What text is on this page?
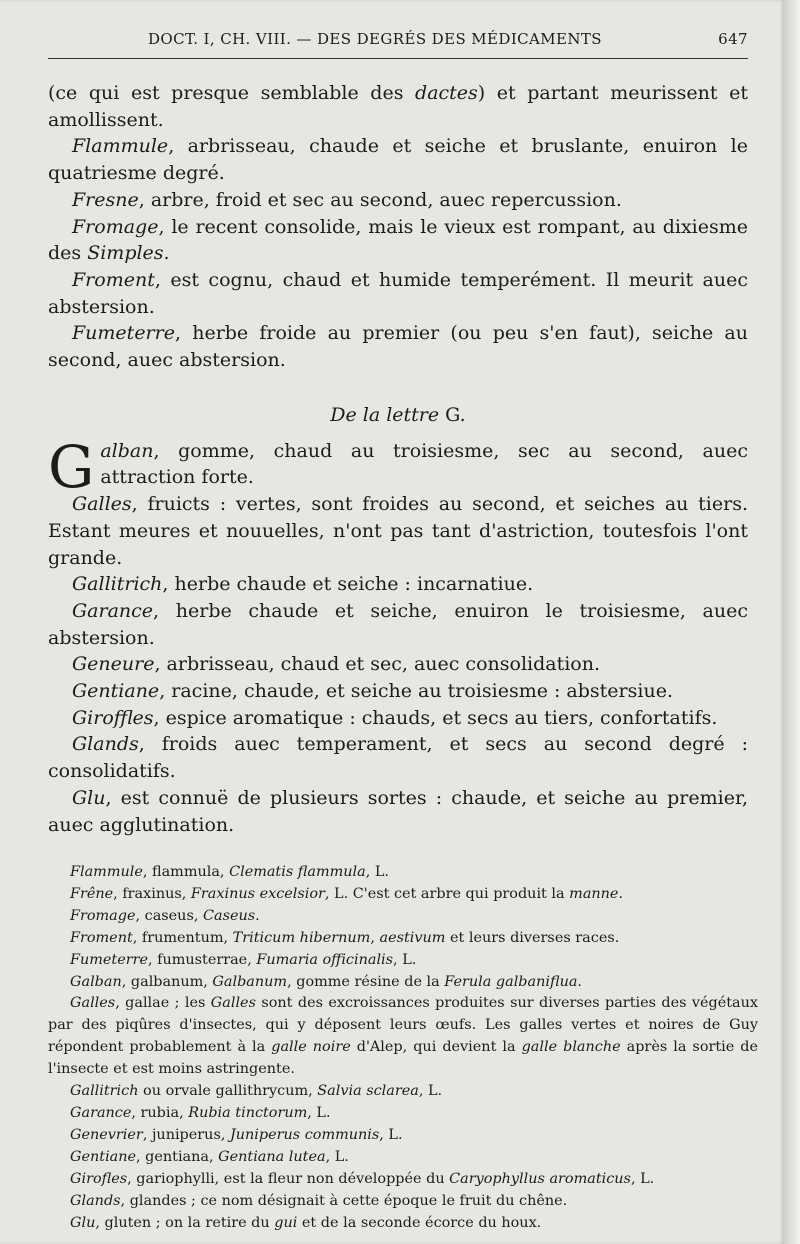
DOCT. I, CH. VIII. — DES DEGRÉS DES MÉDICAMENTS	647

(ce qui est presque semblable des dactes) et partant meurissent et amollissent.

Flammule, arbrisseau, chaude et seiche et bruslante, enuiron le quatriesme degré.

Fresne, arbre, froid et sec au second, auec repercussion.

Fromage, le recent consolide, mais le vieux est rompant, au dixiesme des Simples.

Froment, est cognu, chaud et humide temperément. Il meurit auec abstersion.

Fumeterre, herbe froide au premier (ou peu s'en faut), seiche au second, auec abstersion.

De la lettre G.

Galban, gomme, chaud au troisiesme, sec au second, auec attraction forte.

Galles, fruicts : vertes, sont froides au second, et seiches au tiers. Estant meures et nouuelles, n'ont pas tant d'astriction, toutesfois l'ont grande.

Gallitrich, herbe chaude et seiche : incarnatiue.

Garance, herbe chaude et seiche, enuiron le troisiesme, auec abstersion.

Geneure, arbrisseau, chaud et sec, auec consolidation.

Gentiane, racine, chaude, et seiche au troisiesme : abstersiue.

Giroffles, espice aromatique : chauds, et secs au tiers, confortatifs.

Glands, froids auec temperament, et secs au second degré : consolidatifs.

Glu, est connuë de plusieurs sortes : chaude, et seiche au premier, auec agglutination.

Flammule, flammula, Clematis flammula, L.

Frêne, fraxinus, Fraxinus excelsior, L. C'est cet arbre qui produit la manne.

Fromage, caseus, Caseus.

Froment, frumentum, Triticum hibernum, aestivum et leurs diverses races.

Fumeterre, fumusterrae, Fumaria officinalis, L.

Galban, galbanum, Galbanum, gomme résine de la Ferula galbaniflua.

Galles, gallae ; les Galles sont des excroissances produites sur diverses parties des végétaux par des piqûres d'insectes, qui y déposent leurs œufs. Les galles vertes et noires de Guy répondent probablement à la galle noire d'Alep, qui devient la galle blanche après la sortie de l'insecte et est moins astringente.

Gallitrich ou orvale gallithrycum, Salvia sclarea, L.

Garance, rubia, Rubia tinctorum, L.

Genevrier, juniperus, Juniperus communis, L.

Gentiane, gentiana, Gentiana lutea, L.

Girofles, gariophylli, est la fleur non développée du Caryophyllus aromaticus, L.

Glands, glandes ; ce nom désignait à cette époque le fruit du chêne.

Glu, gluten ; on la retire du gui et de la seconde écorce du houx.
